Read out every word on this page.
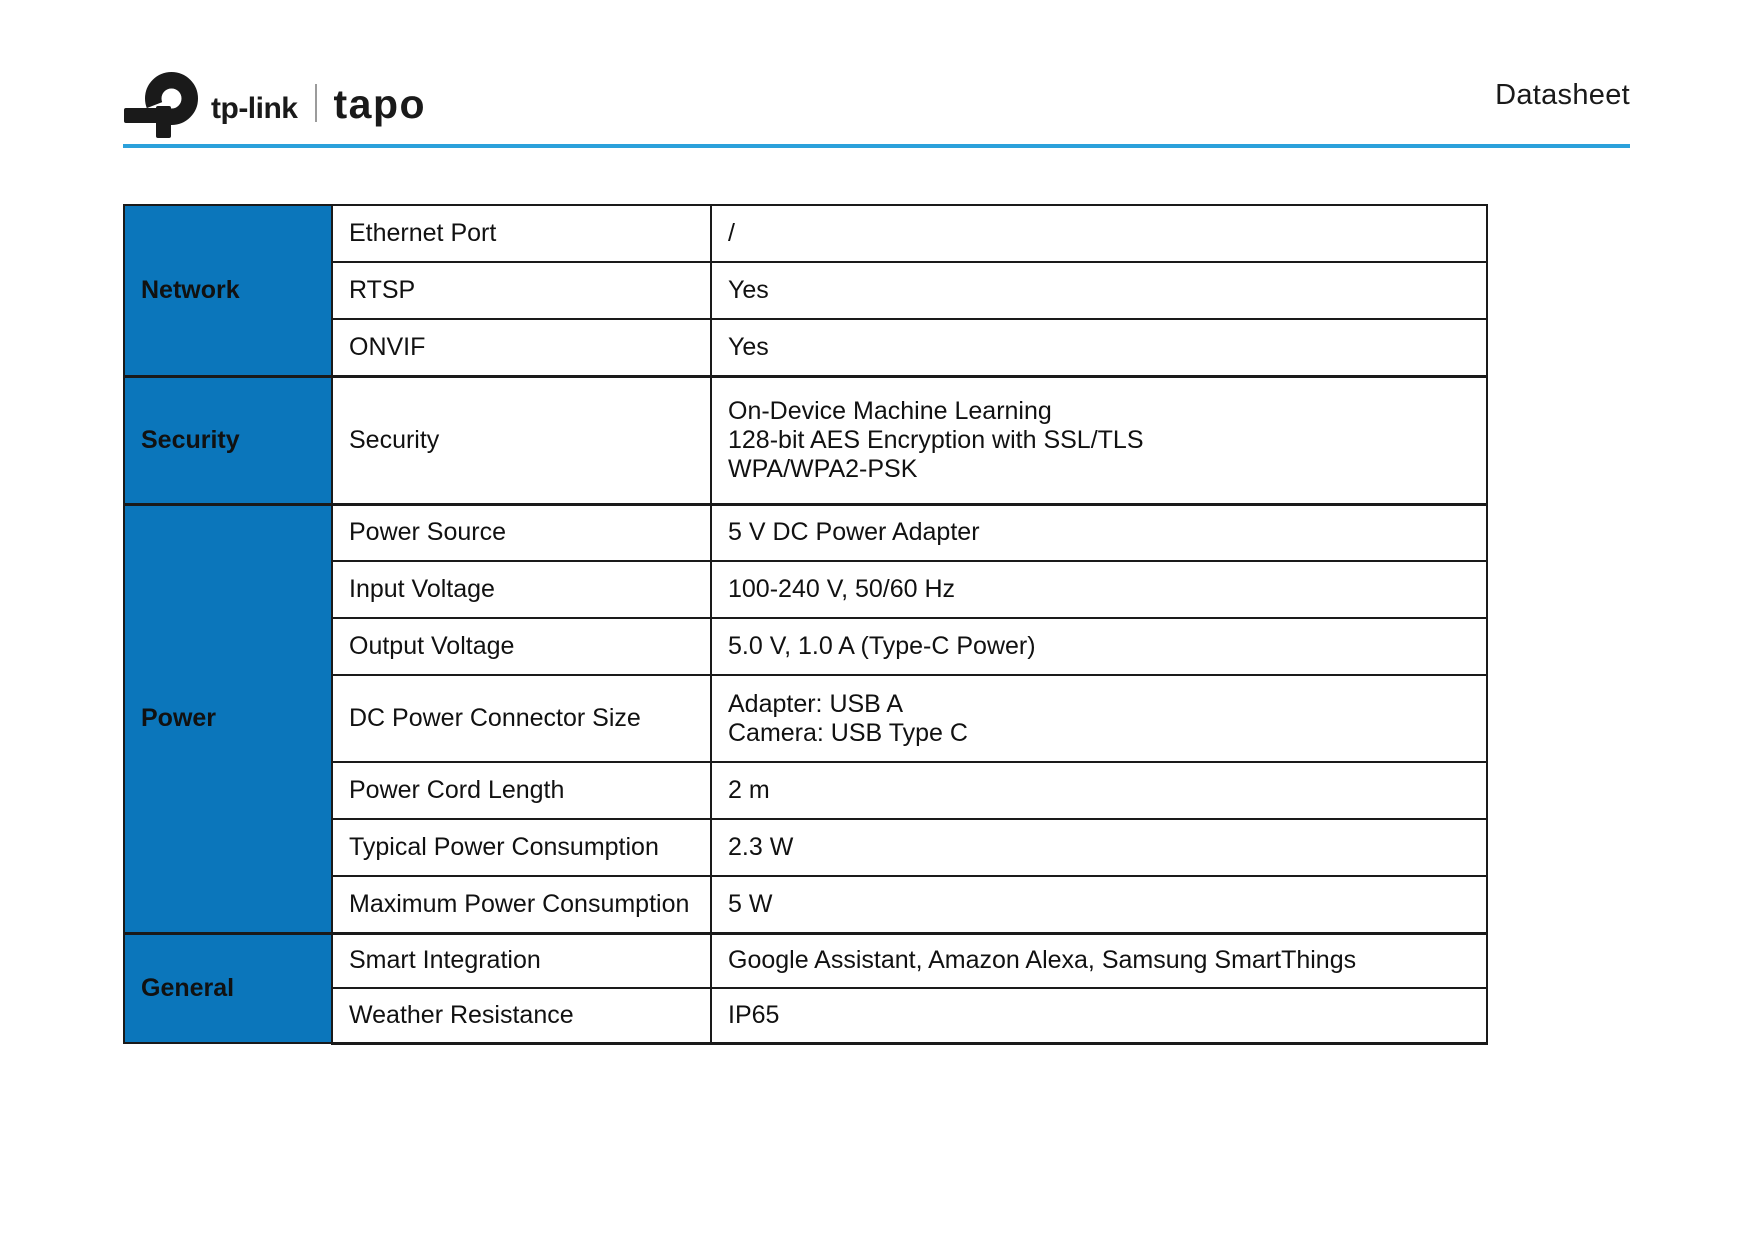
tp-link tapo	Datasheet
Network	Ethernet Port	/
	RTSP	Yes
	ONVIF	Yes
Security	Security	On-Device Machine Learning
128-bit AES Encryption with SSL/TLS
WPA/WPA2-PSK

Power	Power Source	5 V DC Power Adapter
	Input Voltage	100-240 V, 50/60 Hz
	Output Voltage	5.0 V, 1.0 A (Type-C Power)
	DC Power Connector Size	Adapter: USB A
Camera: USB Type C

	Power Cord Length	2 m
	Typical Power Consumption	2.3 W
	Maximum Power Consumption	5 W
General	Smart Integration	Google Assistant, Amazon Alexa, Samsung SmartThings
	Weather Resistance	IP65
